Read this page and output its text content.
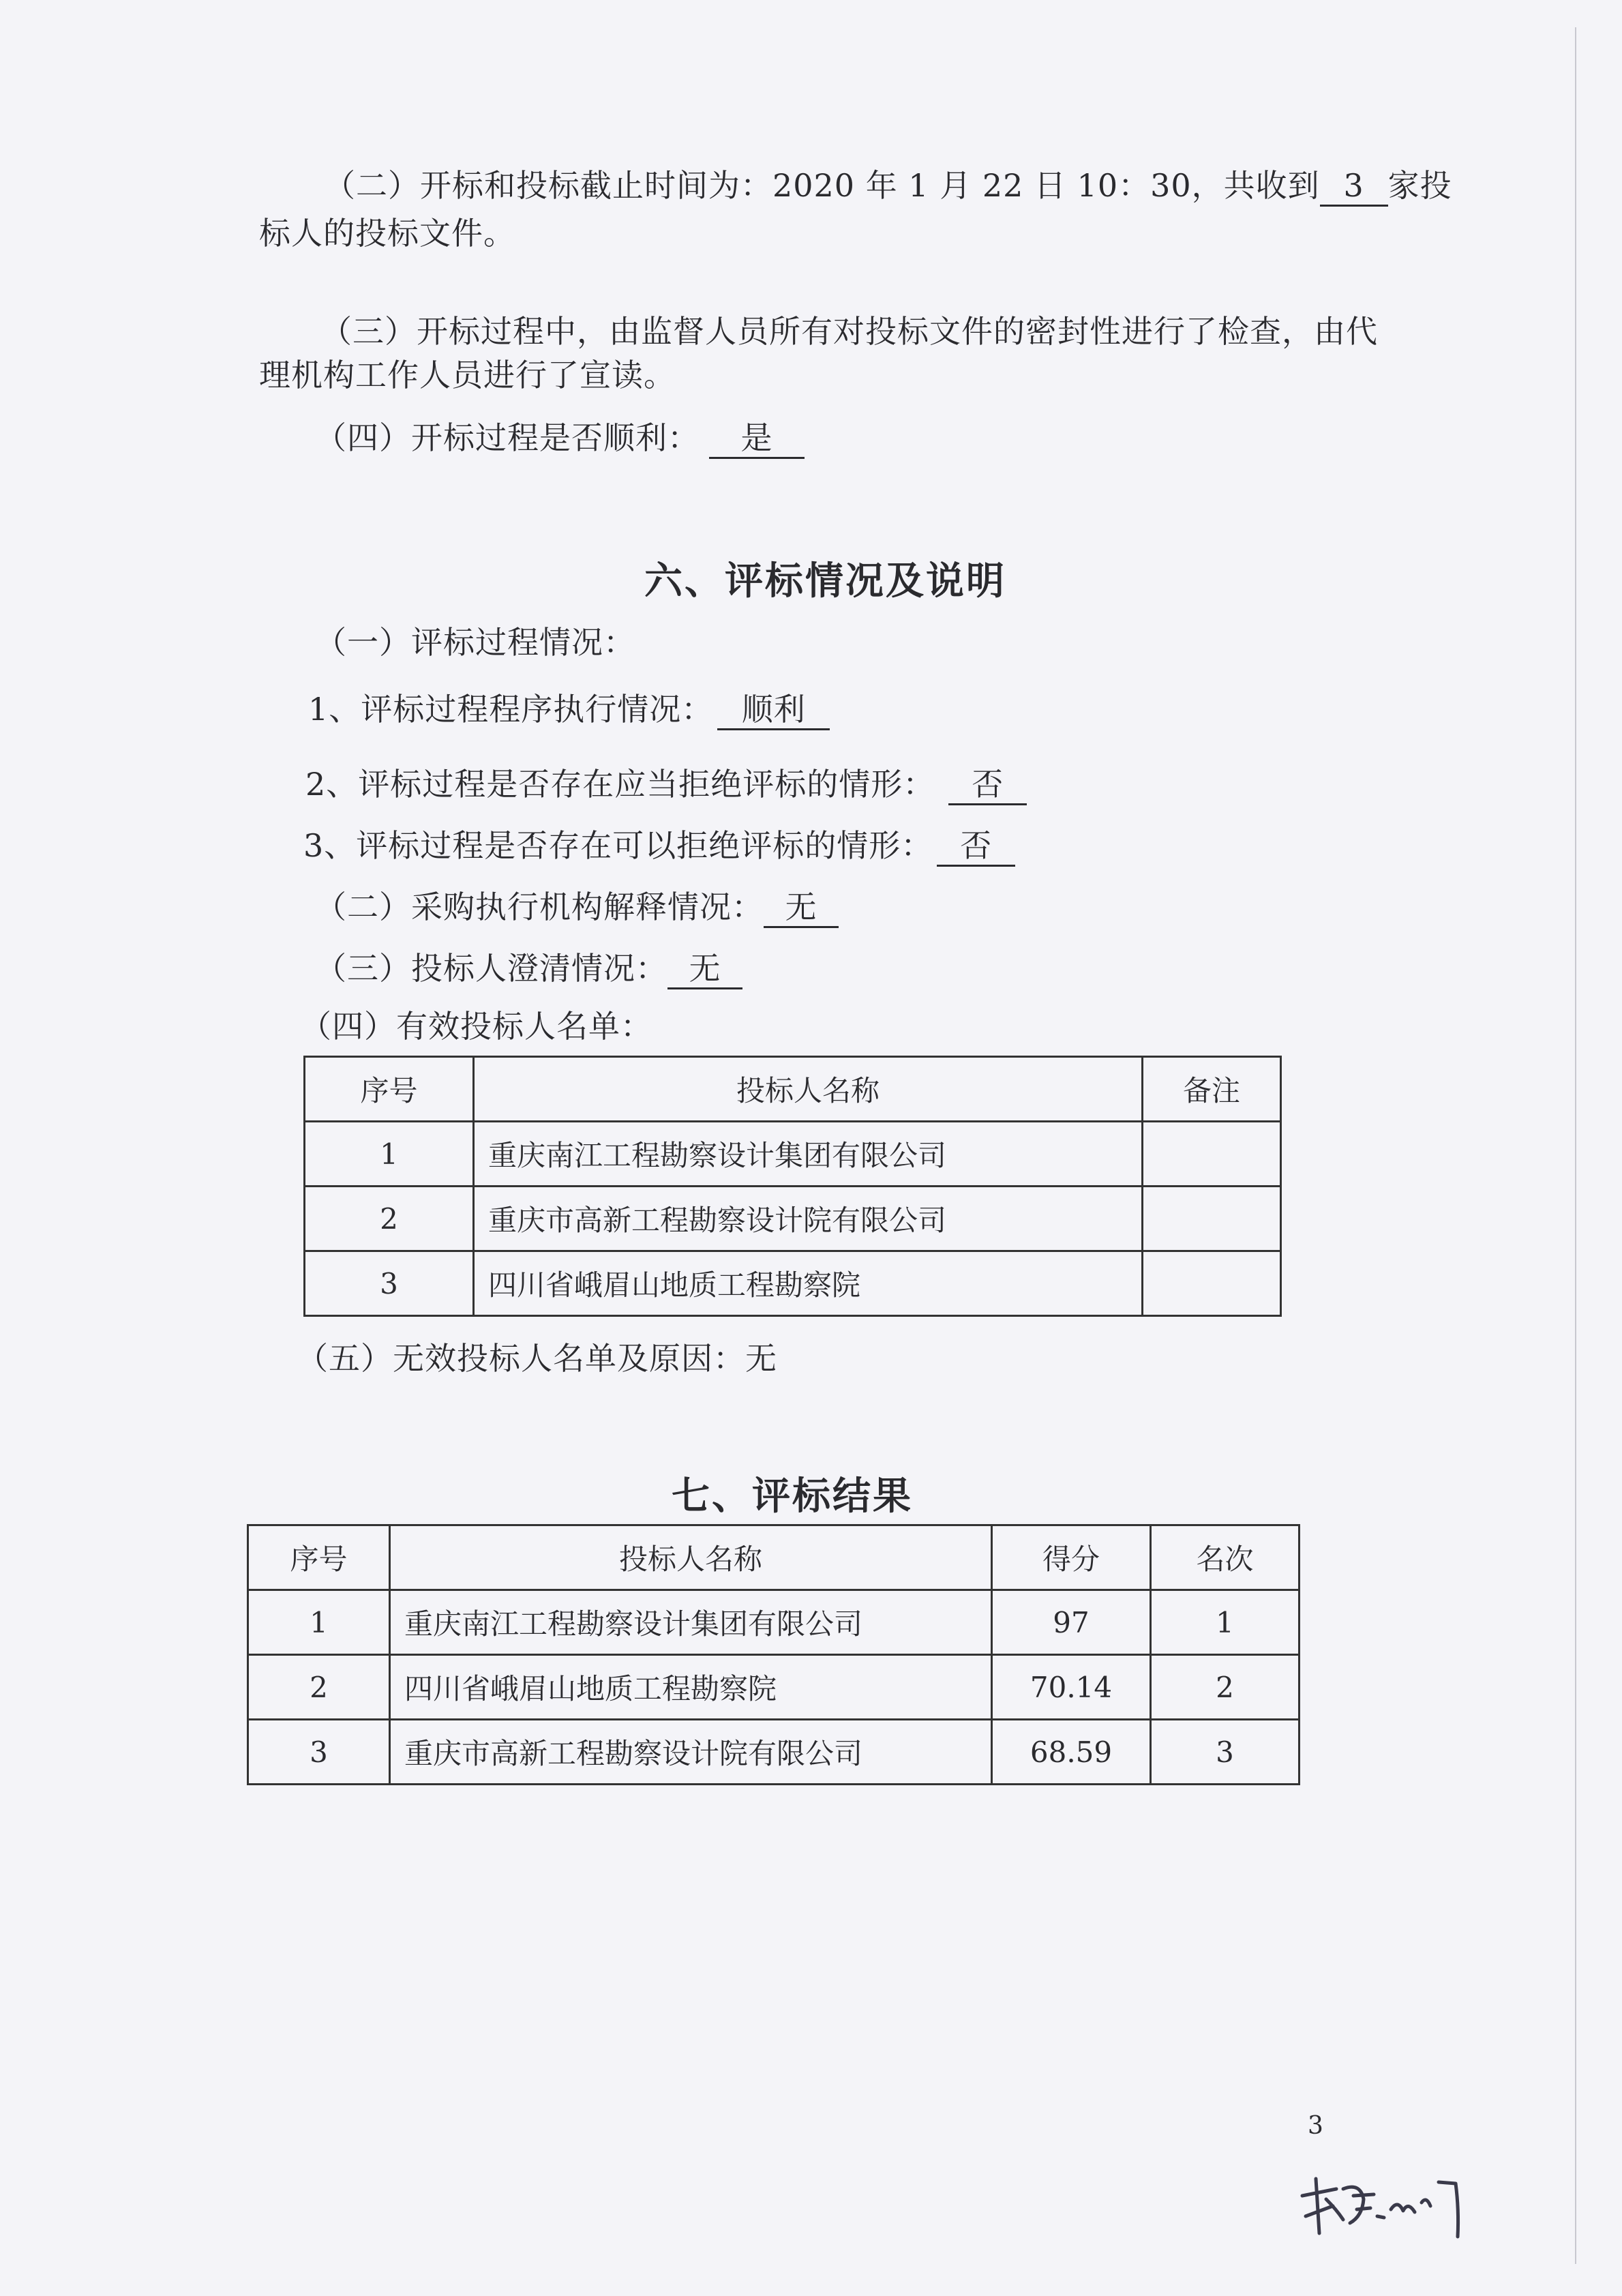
（二）开标和投标截止时间为：2020 年 1 月 22 日 10：30，共收到 3 家投
标人的投标文件。
（三）开标过程中，由监督人员所有对投标文件的密封性进行了检查，由代
理机构工作人员进行了宣读。
（四）开标过程是否顺利： 是
六、评标情况及说明
（一）评标过程情况：
1、评标过程程序执行情况： 顺利
2、评标过程是否存在应当拒绝评标的情形： 否
3、评标过程是否存在可以拒绝评标的情形： 否
（二）采购执行机构解释情况： 无
（三）投标人澄清情况： 无
（四）有效投标人名单：
序号	投标人名称	备注
1	重庆南江工程勘察设计集团有限公司	
2	重庆市高新工程勘察设计院有限公司	
3	四川省峨眉山地质工程勘察院	
（五）无效投标人名单及原因：无
七、评标结果
序号	投标人名称	得分	名次
1	重庆南江工程勘察设计集团有限公司	97	1
2	四川省峨眉山地质工程勘察院	70.14	2
3	重庆市高新工程勘察设计院有限公司	68.59	3
3
